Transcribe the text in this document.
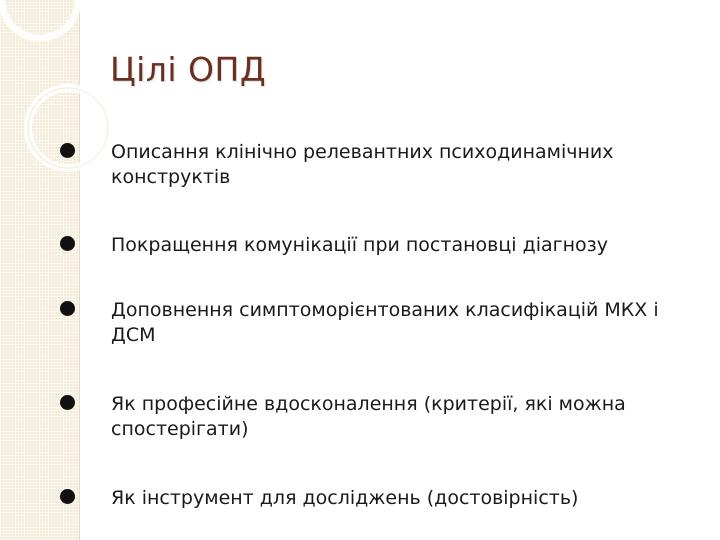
Цілі ОПД
Описання клінічно релевантних психодинамічних конструктів
Покращення комунікації при постановці діагнозу
Доповнення симптоморієнтованих класифікацій МКХ і ДСМ
Як професійне вдосконалення (критерії, які можна спостерігати)
Як інструмент для досліджень (достовірність)
